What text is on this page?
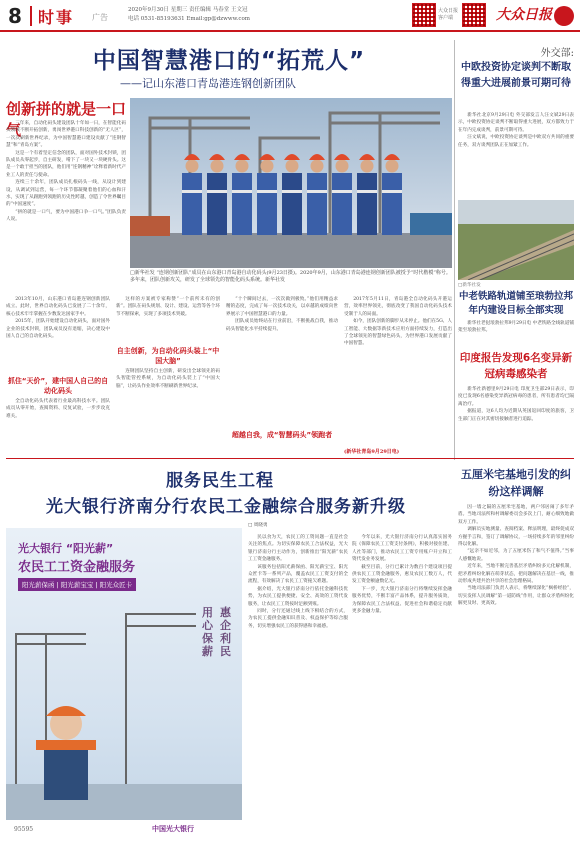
8 时事 广告
2020年9月30日 星期三 责任编辑 马春堂 王文冠
电话 0531-85193631 Email:gp@dzwww.com
大众日报客户端	大众日报
中国智慧港口的“拓荒人”
——记山东港口青岛港连钢创新团队
创新拼的就是一口气

三年来，自动化码头建设团队十年如一日，在智能化码头领域不断开拓创新，勇闯世界港口科技创新的“无人区”，一次次刷新世界纪录，为中国智慧港口建设贡献了“连钢智慧”和“青岛方案”。

这是一个有着坚定信念的团队，面对国外技术封锁，团队成员从零起步，自主研发，啃下了一块又一块硬骨头。这是一个敢于担当的团队，他们用“连钢精神”诠释着新时代产业工人的责任与使命。

连续三十余年，团队成员扎根码头一线，从设计到建设，从调试到运营，每一个环节都凝聚着他们的心血和汗水，实现了从跟跑到领跑的历史性跨越，创造了令世界瞩目的“中国速度”。

“拼的就是一口气，要为中国港口争一口气。”团队负责人说。

□新华社发 “连钢创新团队”成员在山东港口青岛港自动化码头(9月23日摄)。2020年9月，山东港口青岛港连钢创新团队被授予“时代楷模”称号。多年来，团队创新攻关，研发了全球领先的智能化码头系统。新华社发

2013年10月，山东港口青岛港连钢创新团队成立。此时，世界自动化码头已发展了二十余年，核心技术牢牢掌握在少数发达国家手中。

2015年，团队开始建设自动化码头，面对国外企业的技术封锁，团队成员没有退缩，决心建设中国人自己的自动化码头。

抓住“天价”，建中国人自己的自动化码头

全自动化码头代表着行业最高科技水平。团队成员从零开始，查阅资料、反复试验，一步步攻克难关。

这样的方案被专家称赞“一个前所未有的创新”。团队在码头规划、设计、建设、运营等各个环节不断探索，实现了多项技术突破。

自主创新，为自动化码头装上“中国大脑”

连钢团队坚持自主创新，研发出全球领先的码头智能管控系统，为自动化码头装上了“中国大脑”，让码头作业效率不断刷新世界纪录。

“十个瞬间过去，一次次做到极致。”他们用精益求精的态度，完成了每一次技术攻关，以卓越的成绩向世界展示了中国智慧港口的力量。

团队成员始终站在行业前沿，不断挑战自我，推动码头智能化水平持续提升。

超越自我，成“智慧码头”领跑者

2017年5月11日，青岛港全自动化码头开港运营，效率世界领先，彻底改变了我国自动化码头技术受制于人的局面。

如今，团队创新的脚步从未停止。他们在5G、人工智能、大数据等新技术应用方面持续发力，打造出了全球领先的智慧绿色码头，为世界港口发展贡献了中国智慧。

(新华社青岛9月29日电)
外交部:
中欧投资协定谈判不断取得重大进展前景可期可待

新华社北京9月29日电 外交部发言人汪文斌29日表示，中欧投资协定谈判不断取得重大进展，双方都致力于在年内完成谈判，前景可期可待。

汪文斌说，中欧投资协定谈判是中欧双方共同的重要任务，双方谈判团队正在加紧工作。

□新华社发
中老铁路轨道铺至琅勃拉邦年内建设目标全部实现

新华社老挝琅勃拉邦9月29日电 中老铁路全线轨道铺架至琅勃拉邦。

印度报告发现6名变异新冠病毒感染者

新华社新德里9月29日电 印度卫生部29日表示，印度已发现6名感染变异新冠病毒的患者，所有患者均已隔离治疗。

据报道，这6人均为近期从英国返回印度的旅客，卫生部门正在对其密切接触者进行追踪。

服务民生工程
光大银行济南分行农民工金融综合服务新升级
五厘米宅基地引发的纠纷这样调解
光大银行 “阳光薪”
农民工工资金融服务
阳光薪保函 | 阳光薪宝宝 | 阳光众匠卡
用心保薪
惠企利民
95595	中国光大银行
□ 周晓勇

民以食为天，农民工的工资问题一直是社会关注的焦点。为切实保障农民工合法权益，光大银行济南分行主动作为，创新推出“阳光薪”农民工工资金融服务。

该服务包括阳光薪保函、阳光薪宝宝、阳光众匠卡等一系列产品，覆盖农民工工资支付的全流程，有效解决了农民工工资拖欠难题。

据介绍，光大银行济南分行依托金融科技优势，为农民工提供便捷、安全、高效的工资代发服务，让农民工工资按时足额到账。

同时，分行还通过线上线下相结合的方式，为农民工提供金融知识普及、权益保护等综合服务，切实增强农民工的获得感和幸福感。

今年以来，光大银行济南分行认真落实国务院《保障农民工工资支付条例》，积极对接住建、人社等部门，推动农民工工资专用账户开立和工资代发业务发展。

截至目前，分行已累计为数百个建设项目提供农民工工资金融服务，惠及农民工数万人，代发工资金额逾数亿元。

下一步，光大银行济南分行将继续发挥金融服务优势，不断丰富产品体系，提升服务质效，为保障农民工合法权益、促进社会和谐稳定贡献更多金融力量。

因一墙之隔的五厘米宅基地，两户邻居闹了多年矛盾。当地司法所和村调解委员会多次上门，耐心细致地做双方工作。

调解员实地测量、查阅档案、释法明理，最终促成双方握手言和，签订了调解协议，一场持续多年的邻里纠纷得以化解。

“远亲不如近邻，为了五厘米伤了和气不值得。”当事人感慨地说。

近年来，当地不断完善基层矛盾纠纷多元化解机制，把矛盾纠纷化解在萌芽状态，把问题解决在基层一线，推动形成共建共治共享的社会治理格局。

当地司法部门负责人表示，将继续深化“枫桥经验”，切实发挥人民调解“第一道防线”作用，让群众矛盾纠纷化解更及时、更高效。
